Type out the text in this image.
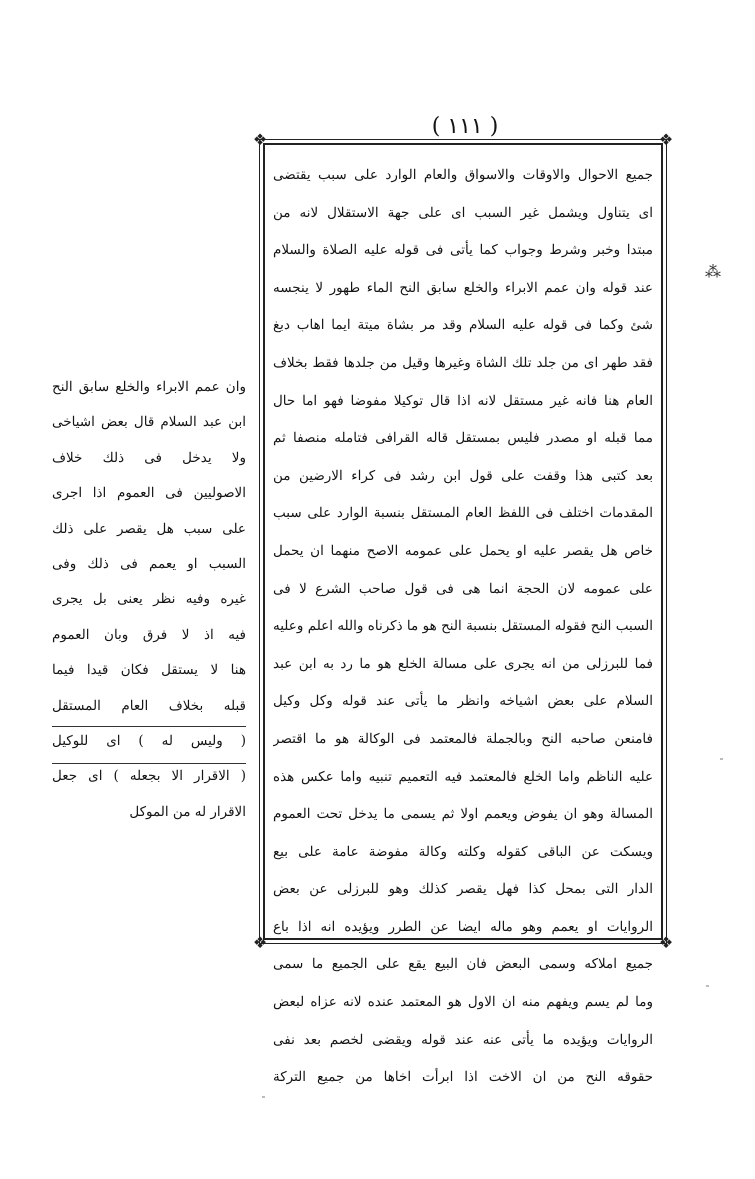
( ١١١ )
⁂
❖	❖
❖	❖
جميع الاحوال والاوقات والاسواق والعام الوارد على سبب يقتضى
اى يتناول ويشمل غير السبب اى على جهة الاستقلال لانه من
مبتدا وخبر وشرط وجواب كما يأتى فى قوله عليه الصلاة والسلام
عند قوله وان عمم الابراء والخلع سابق النح الماء طهور لا ينجسه
شئ وكما فى قوله عليه السلام وقد مر بشاة ميتة ايما اهاب دبغ
فقد طهر اى من جلد تلك الشاة وغيرها وقيل من جلدها فقط بخلاف
العام هنا فانه غير مستقل لانه اذا قال توكيلا مفوضا فهو اما حال
مما قبله او مصدر فليس بمستقل قاله القرافى فتامله منصفا ثم
بعد كتبى هذا وقفت على قول ابن رشد فى كراء الارضين من
المقدمات اختلف فى اللفظ العام المستقل بنسبة الوارد على سبب
خاص هل يقصر عليه او يحمل على عمومه الاصح منهما ان يحمل
على عمومه لان الحجة انما هى فى قول صاحب الشرع لا فى
السبب النح فقوله المستقل بنسبة النح هو ما ذكرناه والله اعلم وعليه
فما للبرزلى من انه يجرى على مسالة الخلع هو ما رد به ابن عبد
السلام على بعض اشياخه وانظر ما يأتى عند قوله وكل وكيل
فامنعن صاحبه النح وبالجملة فالمعتمد فى الوكالة هو ما اقتصر
عليه الناظم واما الخلع فالمعتمد فيه التعميم تنبيه واما عكس هذه
المسالة وهو ان يفوض ويعمم اولا ثم يسمى ما يدخل تحت العموم
ويسكت عن الباقى كقوله وكلته وكالة مفوضة عامة على بيع
الدار التى بمحل كذا فهل يقصر كذلك وهو للبرزلى عن بعض
الروايات او يعمم وهو ماله ايضا عن الطرر ويؤيده انه اذا باع
جميع املاكه وسمى البعض فان البيع يقع على الجميع ما سمى
وما لم يسم ويفهم منه ان الاول هو المعتمد عنده لانه عزاه لبعض
الروايات ويؤيده ما يأتى عنه عند قوله ويقضى لخصم بعد نفى
حقوقه النح من ان الاخت اذا ابرأت اخاها من جميع التركة
وان عمم الابراء والخلع سابق النح
ابن عبد السلام قال بعض اشياخى
ولا يدخل فى ذلك خلاف
الاصوليين فى العموم اذا اجرى
على سبب هل يقصر على ذلك
السبب او يعمم فى ذلك وفى
غيره وفيه نظر يعنى بل يجرى
فيه اذ لا فرق وبان العموم
هنا لا يستقل فكان قيدا فيما
قبله بخلاف العام المستقل
( وليس له ) اى للوكيل
( الاقرار الا بجعله ) اى جعل
الاقرار له من الموكل
